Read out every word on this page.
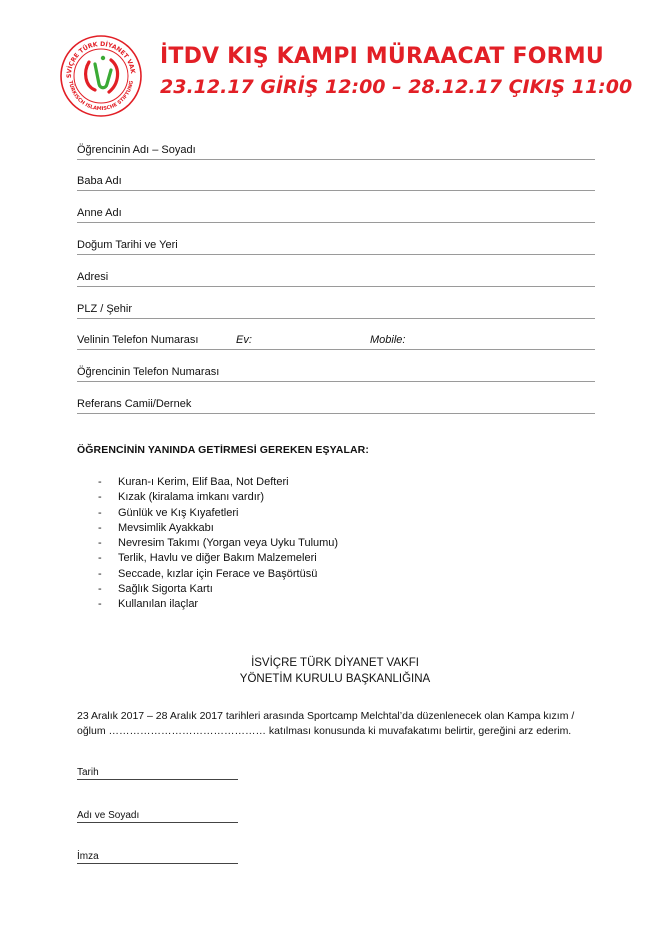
SVİÇRE TÜRK DİYANET VAK
TÜRKISCH ISLAMISCHE STIFTUNG
İTDV KIŞ KAMPI MÜRAACAT FORMU
23.12.17 GİRİŞ 12:00 – 28.12.17 ÇIKIŞ 11:00
Öğrencinin Adı – Soyadı
Baba Adı
Anne Adı
Doğum Tarihi ve Yeri
Adresi
PLZ / Şehir
Velinin Telefon Numarası	Ev:	Mobile:
Öğrencinin Telefon Numarası
Referans Camii/Dernek
ÖĞRENCİNİN YANINDA GETİRMESİ GEREKEN EŞYALAR:
- Kuran-ı Kerim, Elif Baa, Not Defteri
- Kızak (kiralama imkanı vardır)
- Günlük ve Kış Kıyafetleri
- Mevsimlik Ayakkabı
- Nevresim Takımı (Yorgan veya Uyku Tulumu)
- Terlik, Havlu ve diğer Bakım Malzemeleri
- Seccade, kızlar için Ferace ve Başörtüsü
- Sağlık Sigorta Kartı
- Kullanılan ilaçlar
İSVİÇRE TÜRK DİYANET VAKFI
YÖNETİM KURULU BAŞKANLIĞINA
23 Aralık 2017 – 28 Aralık 2017 tarihleri arasında Sportcamp Melchtal’da düzenlenecek olan Kampa kızım / oğlum ……………………………………… katılması konusunda ki muvafakatımı belirtir, gereğini arz ederim.
Tarih
Adı ve Soyadı
İmza
